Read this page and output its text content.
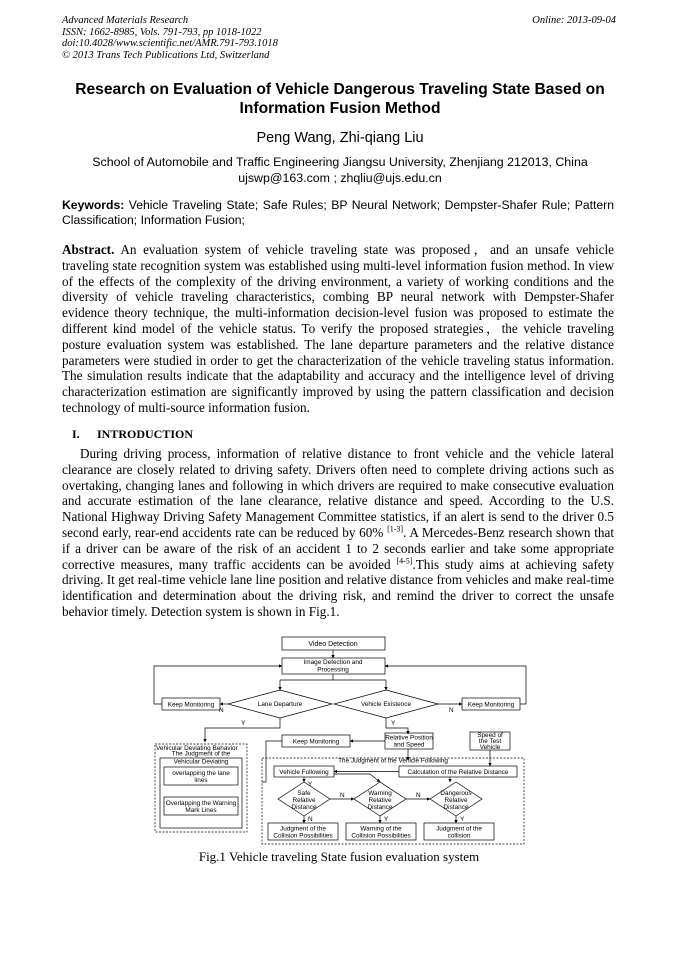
Advanced Materials Research
ISSN: 1662-8985, Vols. 791-793, pp 1018-1022
doi:10.4028/www.scientific.net/AMR.791-793.1018
© 2013 Trans Tech Publications Ltd, Switzerland
Online: 2013-09-04
Research on Evaluation of Vehicle Dangerous Traveling State Based on Information Fusion Method
Peng Wang, Zhi-qiang Liu
School of Automobile and Traffic Engineering Jiangsu University, Zhenjiang 212013, China
ujswp@163.com ; zhqliu@ujs.edu.cn
Keywords: Vehicle Traveling State; Safe Rules; BP Neural Network; Dempster-Shafer Rule; Pattern Classification; Information Fusion;
Abstract. An evaluation system of vehicle traveling state was proposed，and an unsafe vehicle traveling state recognition system was established using multi-level information fusion method. In view of the effects of the complexity of the driving environment, a variety of working conditions and the diversity of vehicle traveling characteristics, combing BP neural network with Dempster-Shafer evidence theory technique, the multi-information decision-level fusion was proposed to estimate the different kind model of the vehicle status. To verify the proposed strategies，the vehicle traveling posture evaluation system was established. The lane departure parameters and the relative distance parameters were studied in order to get the characterization of the vehicle traveling status information. The simulation results indicate that the adaptability and accuracy and the intelligence level of driving characterization estimation are significantly improved by using the pattern classification and decision technology of multi-source information fusion.
I. INTRODUCTION
During driving process, information of relative distance to front vehicle and the vehicle lateral clearance are closely related to driving safety. Drivers often need to complete driving actions such as overtaking, changing lanes and following in which drivers are required to make consecutive evaluation and accurate estimation of the lane clearance, relative distance and speed. According to the U.S. National Highway Driving Safety Management Committee statistics, if an alert is send to the driver 0.5 second early, rear-end accidents rate can be reduced by 60% [1-3]. A Mercedes-Benz research shown that if a driver can be aware of the risk of an accident 1 to 2 seconds earlier and take some appropriate corrective measures, many traffic accidents can be avoided [4-5].This study aims at achieving safety driving. It get real-time vehicle lane line position and relative distance from vehicles and make real-time identification and determination about the driving risk, and remind the driver to correct the unsafe behavior timely. Detection system is shown in Fig.1.
Video Detection
Image Detection and
Processing
Lane Departure	Vehicle Existence
Keep Monitoring	Keep Monitoring
N	N
Y	Y
Vehicular Deviating Behavior
The Judgment of the
Vehicular Deviating
overlapping the lane
lines
Overlapping the Warning
Mark Lines
Keep Monitoring
Relative Position
and Speed
Speed of
the Test
Vehicle
The Judgment of the Vehicle Following
Vehicle Following	Calculation of the Relative Distance
Safe
Relative
Distance
Warning
Relative
Distance
Dangerous
Relative
Distance
N	N
Y
N	Y	Y
Judgment of the
Collision Possibilities
Warning of the
Collision Possibilities
Judgment of the
collision
Fig.1 Vehicle traveling State fusion evaluation system
